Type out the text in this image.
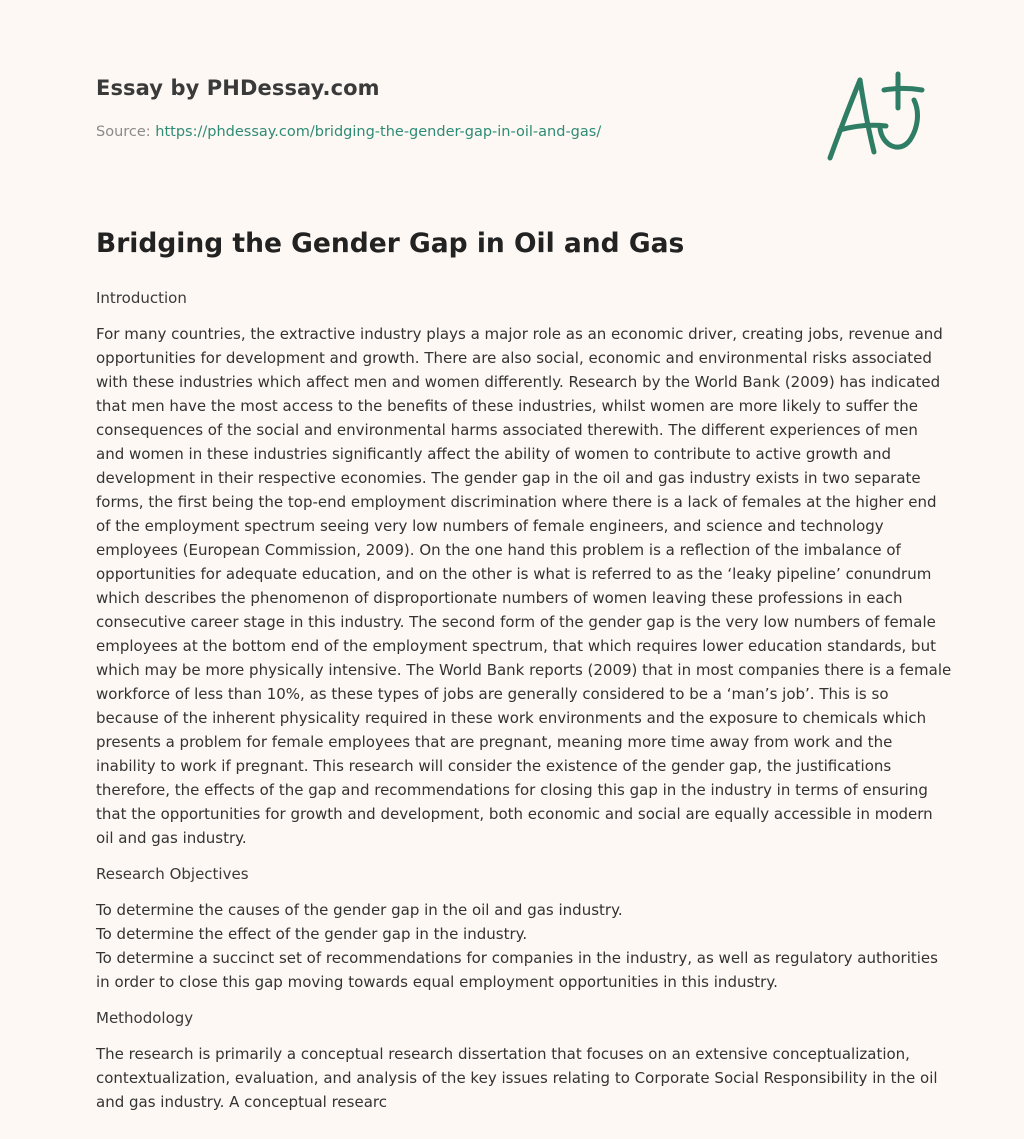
Essay by PHDessay.com
Source: https://phdessay.com/bridging-the-gender-gap-in-oil-and-gas/
Bridging the Gender Gap in Oil and Gas

Introduction

For many countries, the extractive industry plays a major role as an economic driver, creating jobs, revenue and
opportunities for development and growth. There are also social, economic and environmental risks associated
with these industries which affect men and women differently. Research by the World Bank (2009) has indicated
that men have the most access to the benefits of these industries, whilst women are more likely to suffer the
consequences of the social and environmental harms associated therewith. The different experiences of men
and women in these industries significantly affect the ability of women to contribute to active growth and
development in their respective economies. The gender gap in the oil and gas industry exists in two separate
forms, the first being the top-end employment discrimination where there is a lack of females at the higher end
of the employment spectrum seeing very low numbers of female engineers, and science and technology
employees (European Commission, 2009). On the one hand this problem is a reflection of the imbalance of
opportunities for adequate education, and on the other is what is referred to as the ‘leaky pipeline’ conundrum
which describes the phenomenon of disproportionate numbers of women leaving these professions in each
consecutive career stage in this industry. The second form of the gender gap is the very low numbers of female
employees at the bottom end of the employment spectrum, that which requires lower education standards, but
which may be more physically intensive. The World Bank reports (2009) that in most companies there is a female
workforce of less than 10%, as these types of jobs are generally considered to be a ‘man’s job’. This is so
because of the inherent physicality required in these work environments and the exposure to chemicals which
presents a problem for female employees that are pregnant, meaning more time away from work and the
inability to work if pregnant. This research will consider the existence of the gender gap, the justifications
therefore, the effects of the gap and recommendations for closing this gap in the industry in terms of ensuring
that the opportunities for growth and development, both economic and social are equally accessible in modern
oil and gas industry.

Research Objectives

To determine the causes of the gender gap in the oil and gas industry.
To determine the effect of the gender gap in the industry.
To determine a succinct set of recommendations for companies in the industry, as well as regulatory authorities
in order to close this gap moving towards equal employment opportunities in this industry.

Methodology

The research is primarily a conceptual research dissertation that focuses on an extensive conceptualization,
contextualization, evaluation, and analysis of the key issues relating to Corporate Social Responsibility in the oil
and gas industry. A conceptual researc
